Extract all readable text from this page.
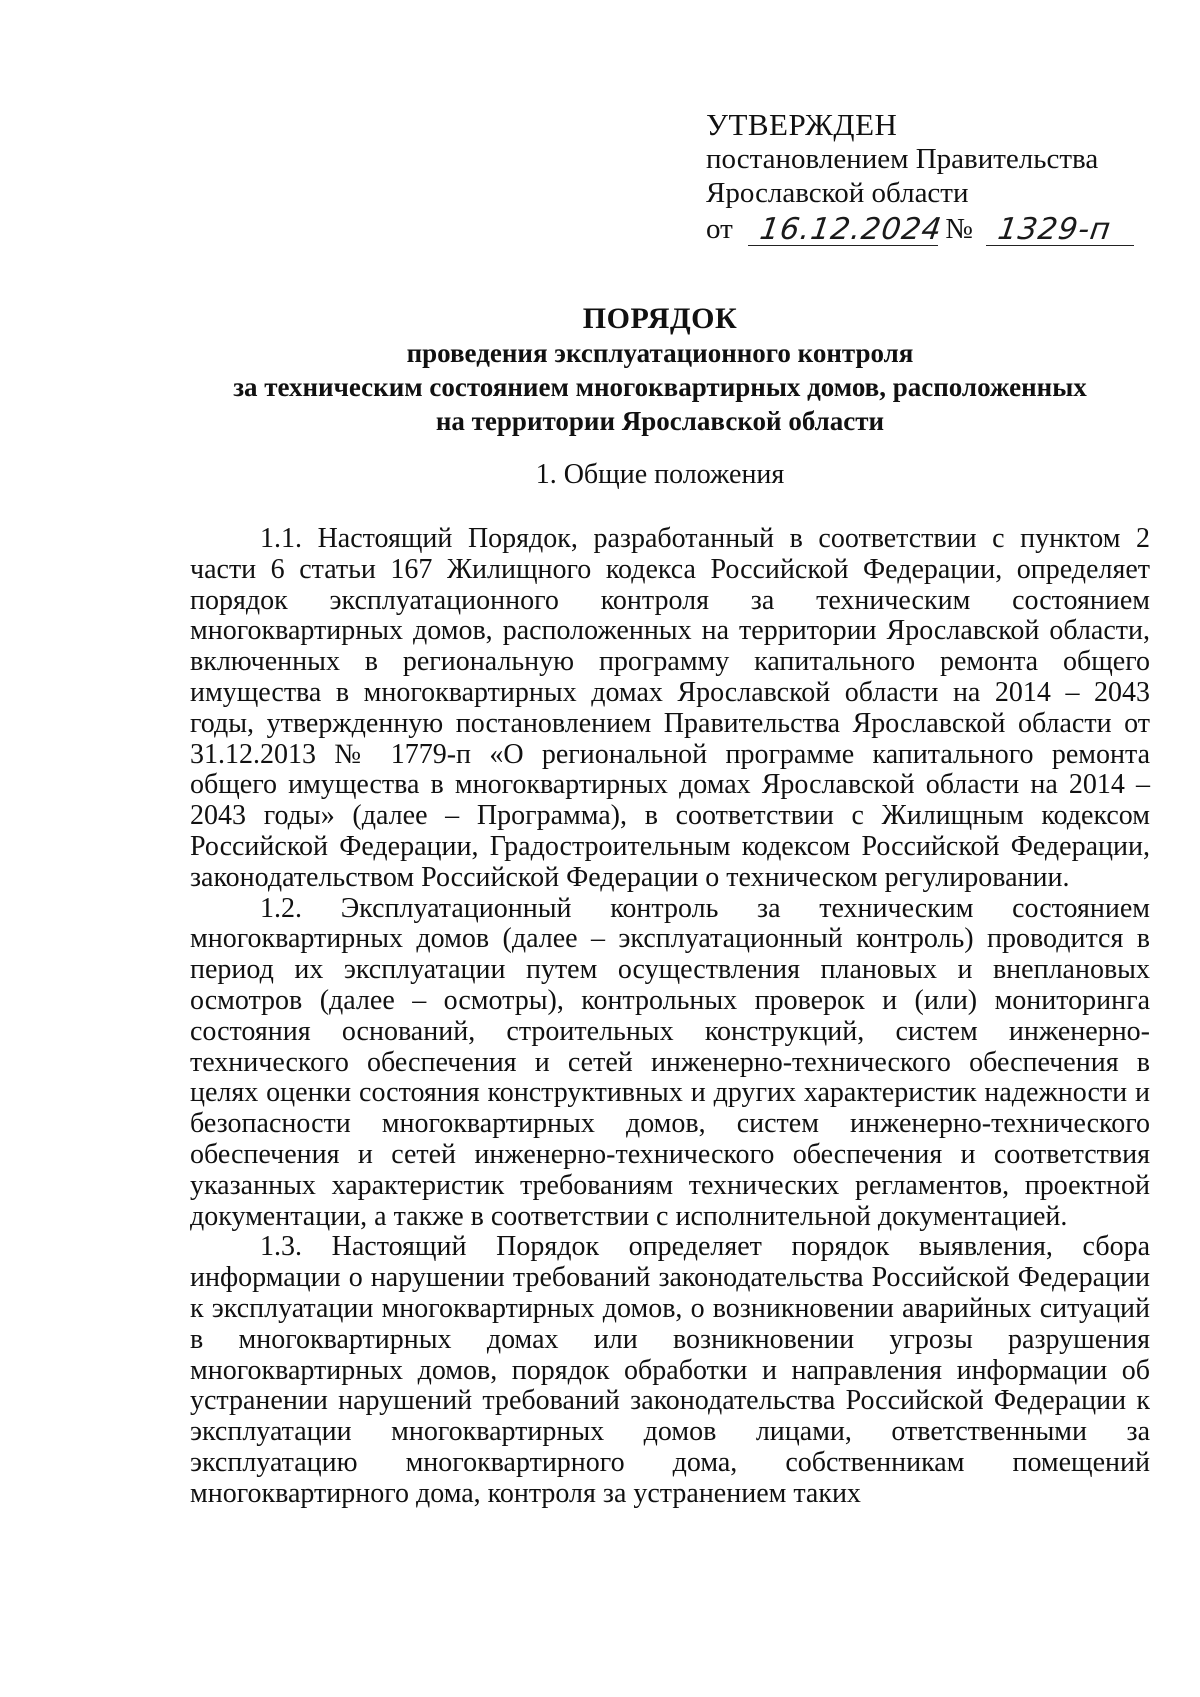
УТВЕРЖДЕН
постановлением Правительства
Ярославской области
от 16.12.2024 № 1329-п
ПОРЯДОК
проведения эксплуатационного контроля
за техническим состоянием многоквартирных домов, расположенных
на территории Ярославской области
1. Общие положения

1.1. Настоящий Порядок, разработанный в соответствии с пунктом 2 части 6 статьи 167 Жилищного кодекса Российской Федерации, определяет порядок эксплуатационного контроля за техническим состоянием многоквартирных домов, расположенных на территории Ярославской области, включенных в региональную программу капитального ремонта общего имущества в многоквартирных домах Ярославской области на 2014 – 2043 годы, утвержденную постановлением Правительства Ярославской области от 31.12.2013 № 1779-п «О региональной программе капитального ремонта общего имущества в многоквартирных домах Ярославской области на 2014 – 2043 годы» (далее – Программа), в соответствии с Жилищным кодексом Российской Федерации, Градостроительным кодексом Российской Федерации, законодательством Российской Федерации о техническом регулировании.

1.2. Эксплуатационный контроль за техническим состоянием многоквартирных домов (далее – эксплуатационный контроль) проводится в период их эксплуатации путем осуществления плановых и внеплановых осмотров (далее – осмотры), контрольных проверок и (или) мониторинга состояния оснований, строительных конструкций, систем инженерно-технического обеспечения и сетей инженерно-технического обеспечения в целях оценки состояния конструктивных и других характеристик надежности и безопасности многоквартирных домов, систем инженерно-технического обеспечения и сетей инженерно-технического обеспечения и соответствия указанных характеристик требованиям технических регламентов, проектной документации, а также в соответствии с исполнительной документацией.

1.3. Настоящий Порядок определяет порядок выявления, сбора информации о нарушении требований законодательства Российской Федерации к эксплуатации многоквартирных домов, о возникновении аварийных ситуаций в многоквартирных домах или возникновении угрозы разрушения многоквартирных домов, порядок обработки и направления информации об устранении нарушений требований законодательства Российской Федерации к эксплуатации многоквартирных домов лицами, ответственными за эксплуатацию многоквартирного дома, собственникам помещений многоквартирного дома, контроля за устранением таких
